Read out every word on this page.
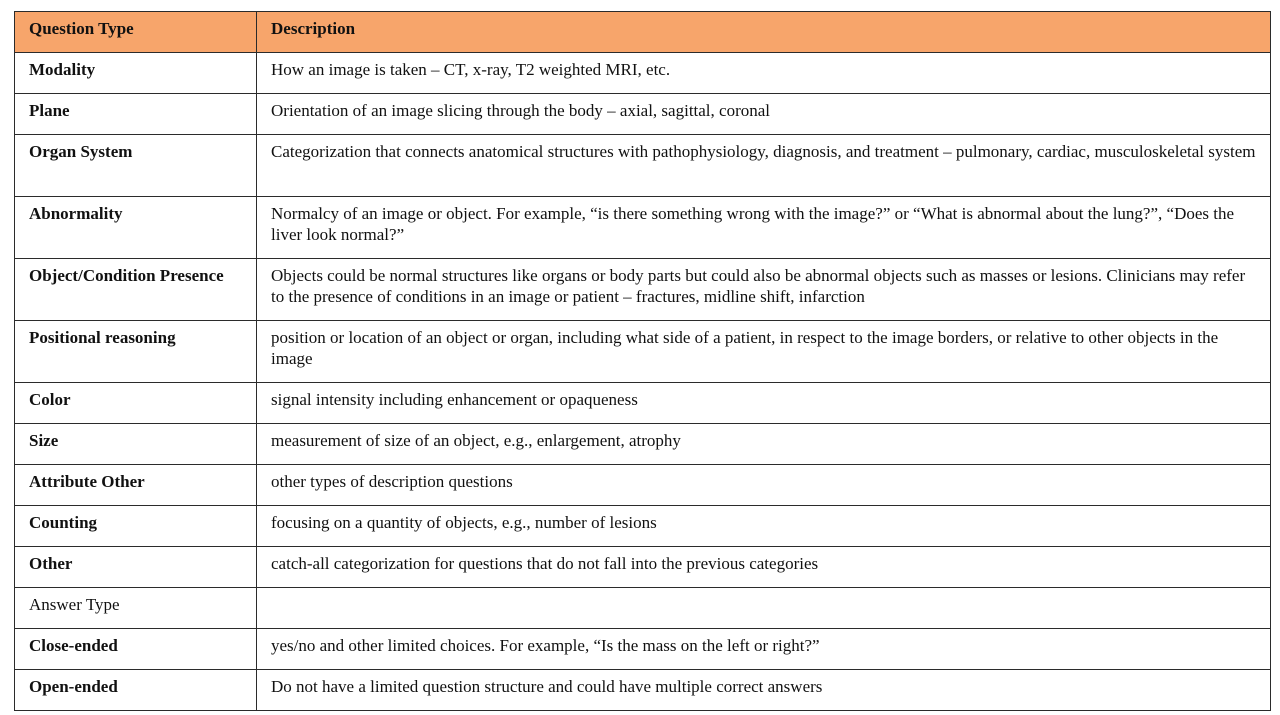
Question Type	Description
Modality	How an image is taken – CT, x-ray, T2 weighted MRI, etc.
Plane	Orientation of an image slicing through the body – axial, sagittal, coronal
Organ System	Categorization that connects anatomical structures with pathophysiology, diagnosis, and treatment – pulmonary, cardiac, musculoskeletal system
Abnormality	Normalcy of an image or object. For example, “is there something wrong with the image?” or “What is abnormal about the lung?”, “Does the liver look normal?”
Object/Condition Presence	Objects could be normal structures like organs or body parts but could also be abnormal objects such as masses or lesions. Clinicians may refer to the presence of conditions in an image or patient – fractures, midline shift, infarction
Positional reasoning	position or location of an object or organ, including what side of a patient, in respect to the image borders, or relative to other objects in the image
Color	signal intensity including enhancement or opaqueness
Size	measurement of size of an object, e.g., enlargement, atrophy
Attribute Other	other types of description questions
Counting	focusing on a quantity of objects, e.g., number of lesions
Other	catch-all categorization for questions that do not fall into the previous categories
Answer Type	
Close-ended	yes/no and other limited choices. For example, “Is the mass on the left or right?”
Open-ended	Do not have a limited question structure and could have multiple correct answers
